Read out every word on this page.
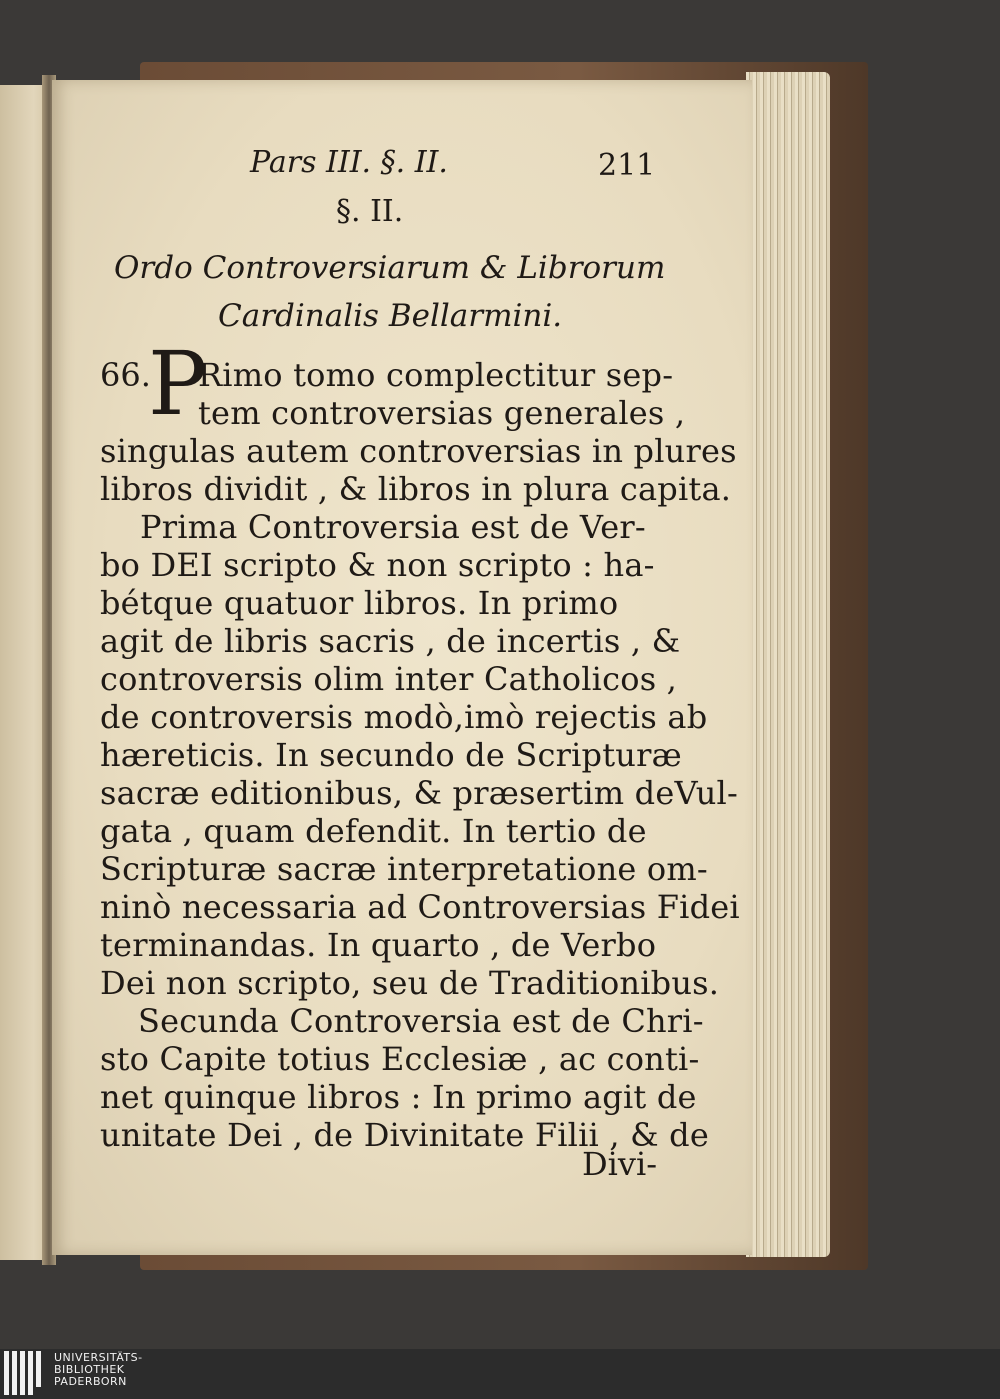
Pars III. §. II.	211

§. II.

Ordo Controversiarum & Librorum

Cardinalis Bellarmini.

66.

P

Rimo tomo complectitur sep-

tem controversias generales ,

singulas autem controversias in plures

libros dividit , & libros in plura capita.

Prima Controversia est de Ver-

bo DEI scripto & non scripto : ha-

bétque quatuor libros. In primo

agit de libris sacris , de incertis , &

controversis olim inter Catholicos ,

de controversis modò,imò rejectis ab

hæreticis. In secundo de Scripturæ

sacræ editionibus, & præsertim deVul-

gata , quam defendit. In tertio de

Scripturæ sacræ interpretatione om-

ninò necessaria ad Controversias Fidei

terminandas. In quarto , de Verbo

Dei non scripto, seu de Traditionibus.

Secunda Controversia est de Chri-

sto Capite totius Ecclesiæ , ac conti-

net quinque libros : In primo agit de

unitate Dei , de Divinitate Filii , & de

Divi-

UNIVERSITÄTS-
BIBLIOTHEK
PADERBORN
